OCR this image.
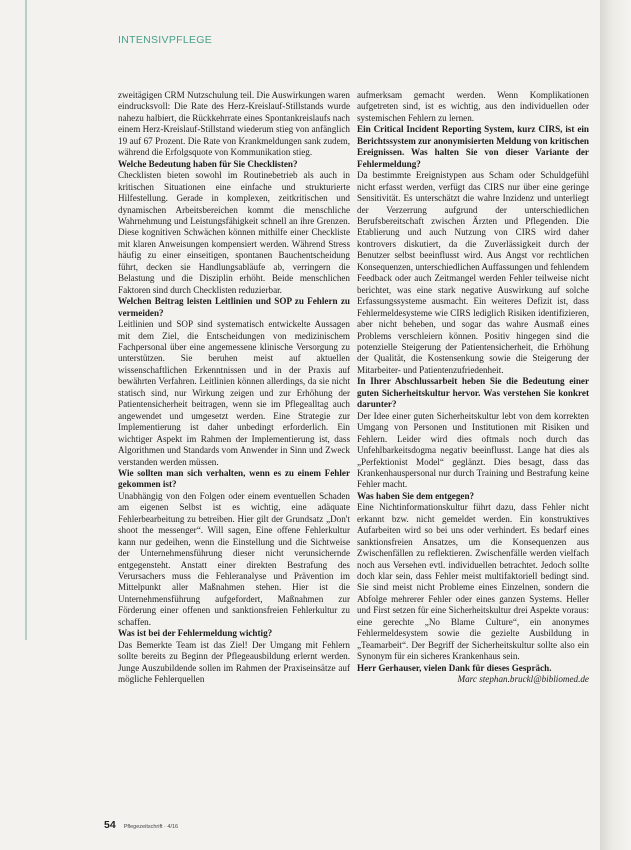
INTENSIVPFLEGE

zweitägigen CRM Nutzschulung teil. Die Auswirkungen waren eindrucksvoll: Die Rate des Herz-Kreislauf-Stillstands wurde nahezu halbiert, die Rückkehrrate eines Spontankreislaufs nach einem Herz-Kreislauf-Stillstand wiederum stieg von anfänglich 19 auf 67 Prozent. Die Rate von Krankmeldungen sank zudem, während die Erfolgsquote von Kommunikation stieg.

Welche Bedeutung haben für Sie Checklisten?

Checklisten bieten sowohl im Routinebetrieb als auch in kritischen Situationen eine einfache und strukturierte Hilfestellung. Gerade in komplexen, zeitkritischen und dynamischen Arbeitsbereichen kommt die menschliche Wahrnehmung und Leistungsfähigkeit schnell an ihre Grenzen. Diese kognitiven Schwächen können mithilfe einer Checkliste mit klaren Anweisungen kompensiert werden. Während Stress häufig zu einer einseitigen, spontanen Bauchentscheidung führt, decken sie Handlungsabläufe ab, verringern die Belastung und die Disziplin erhöht. Beide menschlichen Faktoren sind durch Checklisten reduzierbar.

Welchen Beitrag leisten Leitlinien und SOP zu Fehlern zu vermeiden?

Leitlinien und SOP sind systematisch entwickelte Aussagen mit dem Ziel, die Entscheidungen von medizinischem Fachpersonal über eine angemessene klinische Versorgung zu unterstützen. Sie beruhen meist auf aktuellen wissenschaftlichen Erkenntnissen und in der Praxis auf bewährten Verfahren. Leitlinien können allerdings, da sie nicht statisch sind, nur Wirkung zeigen und zur Erhöhung der Patientensicherheit beitragen, wenn sie im Pflegealltag auch angewendet und umgesetzt werden. Eine Strategie zur Implementierung ist daher unbedingt erforderlich. Ein wichtiger Aspekt im Rahmen der Implementierung ist, dass Algorithmen und Standards vom Anwender in Sinn und Zweck verstanden werden müssen.

Wie sollten man sich verhalten, wenn es zu einem Fehler gekommen ist?

Unabhängig von den Folgen oder einem eventuellen Schaden am eigenen Selbst ist es wichtig, eine adäquate Fehlerbearbeitung zu betreiben. Hier gilt der Grundsatz „Don't shoot the messenger“. Will sagen, Eine offene Fehlerkultur kann nur gedeihen, wenn die Einstellung und die Sichtweise der Unternehmensführung dieser nicht verunsichernde entgegensteht. Anstatt einer direkten Bestrafung des Verursachers muss die Fehleranalyse und Prävention im Mittelpunkt aller Maßnahmen stehen. Hier ist die Unternehmensführung aufgefordert, Maßnahmen zur Förderung einer offenen und sanktionsfreien Fehlerkultur zu schaffen.

Was ist bei der Fehlermeldung wichtig?

Das Bemerkte Team ist das Ziel! Der Umgang mit Fehlern sollte bereits zu Beginn der Pflegeausbildung erlernt werden. Junge Auszubildende sollen im Rahmen der Praxiseinsätze auf mögliche Fehlerquellen

aufmerksam gemacht werden. Wenn Komplikationen aufgetreten sind, ist es wichtig, aus den individuellen oder systemischen Fehlern zu lernen.

Ein Critical Incident Reporting System, kurz CIRS, ist ein Berichtssystem zur anonymisierten Meldung von kritischen Ereignissen. Was halten Sie von dieser Variante der Fehlermeldung?

Da bestimmte Ereignistypen aus Scham oder Schuldgefühl nicht erfasst werden, verfügt das CIRS nur über eine geringe Sensitivität. Es unterschätzt die wahre Inzidenz und unterliegt der Verzerrung aufgrund der unterschiedlichen Berufsbereitschaft zwischen Ärzten und Pflegenden. Die Etablierung und auch Nutzung von CIRS wird daher kontrovers diskutiert, da die Zuverlässigkeit durch der Benutzer selbst beeinflusst wird. Aus Angst vor rechtlichen Konsequenzen, unterschiedlichen Auffassungen und fehlendem Feedback oder auch Zeitmangel werden Fehler teilweise nicht berichtet, was eine stark negative Auswirkung auf solche Erfassungssysteme ausmacht. Ein weiteres Defizit ist, dass Fehlermeldesysteme wie CIRS lediglich Risiken identifizieren, aber nicht beheben, und sogar das wahre Ausmaß eines Problems verschleiern können. Positiv hingegen sind die potenzielle Steigerung der Patientensicherheit, die Erhöhung der Qualität, die Kostensenkung sowie die Steigerung der Mitarbeiter- und Patientenzufriedenheit.

In Ihrer Abschlussarbeit heben Sie die Bedeutung einer guten Sicherheitskultur hervor. Was verstehen Sie konkret darunter?

Der Idee einer guten Sicherheitskultur lebt von dem korrekten Umgang von Personen und Institutionen mit Risiken und Fehlern. Leider wird dies oftmals noch durch das Unfehlbarkeitsdogma negativ beeinflusst. Lange hat dies als „Perfektionist Model“ geglänzt. Dies besagt, dass das Krankenhauspersonal nur durch Training und Bestrafung keine Fehler macht.

Was haben Sie dem entgegen?

Eine Nichtinformationskultur führt dazu, dass Fehler nicht erkannt bzw. nicht gemeldet werden. Ein konstruktives Aufarbeiten wird so bei uns oder verhindert. Es bedarf eines sanktionsfreien Ansatzes, um die Konsequenzen aus Zwischenfällen zu reflektieren. Zwischenfälle werden vielfach noch aus Versehen evtl. individuellen betrachtet. Jedoch sollte doch klar sein, dass Fehler meist multifaktoriell bedingt sind. Sie sind meist nicht Probleme eines Einzelnen, sondern die Abfolge mehrerer Fehler oder eines ganzen Systems. Heller und First setzen für eine Sicherheitskultur drei Aspekte voraus: eine gerechte „No Blame Culture“, ein anonymes Fehlermeldesystem sowie die gezielte Ausbildung in „Teamarbeit“. Der Begriff der Sicherheitskultur sollte also ein Synonym für ein sicheres Krankenhaus sein.

Herr Gerhauser, vielen Dank für dieses Gespräch.

Marc stephan.bruckl@bibliomed.de

54 Pflegezeitschrift · 4/16
